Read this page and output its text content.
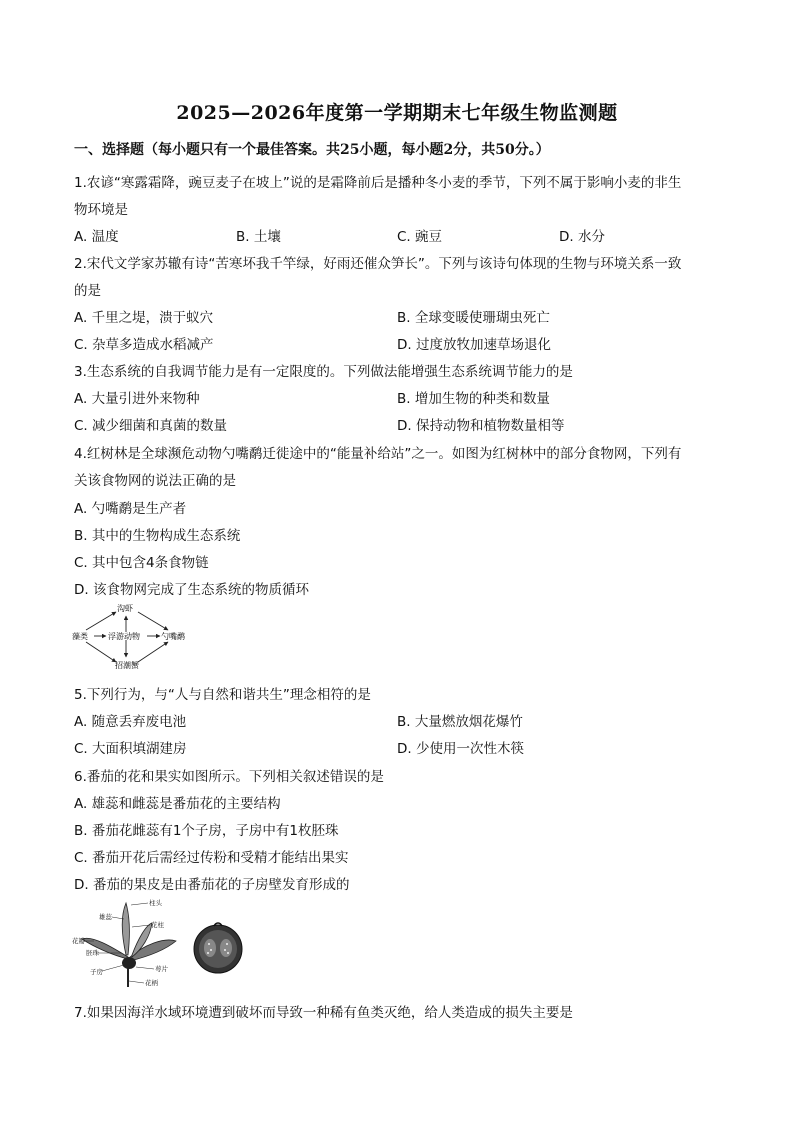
2025—2026年度第一学期期末七年级生物监测题
一、选择题（每小题只有一个最佳答案。共25小题，每小题2分，共50分。）
1.农谚“寒露霜降，豌豆麦子在坡上”说的是霜降前后是播种冬小麦的季节，下列不属于影响小麦的非生
物环境是
A. 温度	B. 土壤	C. 豌豆	D. 水分
2.宋代文学家苏辙有诗“苦寒坏我千竿绿，好雨还催众笋长”。下列与该诗句体现的生物与环境关系一致
的是
A. 千里之堤，溃于蚁穴	B. 全球变暖使珊瑚虫死亡
C. 杂草多造成水稻减产	D. 过度放牧加速草场退化
3.生态系统的自我调节能力是有一定限度的。下列做法能增强生态系统调节能力的是
A. 大量引进外来物种	B. 增加生物的种类和数量
C. 减少细菌和真菌的数量	D. 保持动物和植物数量相等
4.红树林是全球濒危动物勺嘴鹬迁徙途中的“能量补给站”之一。如图为红树林中的部分食物网，下列有
关该食物网的说法正确的是
A. 勺嘴鹬是生产者
B. 其中的生物构成生态系统
C. 其中包含4条食物链
D. 该食物网完成了生态系统的物质循环
藻类	浮游动物
沟虾
勺嘴鹬
招潮蟹
5.下列行为，与“人与自然和谐共生”理念相符的是
A. 随意丢弃废电池	B. 大量燃放烟花爆竹
C. 大面积填湖建房	D. 少使用一次性木筷
6.番茄的花和果实如图所示。下列相关叙述错误的是
A. 雄蕊和雌蕊是番茄花的主要结构
B. 番茄花雌蕊有1个子房，子房中有1枚胚珠
C. 番茄开花后需经过传粉和受精才能结出果实
D. 番茄的果皮是由番茄花的子房壁发育形成的
柱头
雄蕊
花柱
花瓣
胚珠
子房	萼片
花柄
7.如果因海洋水域环境遭到破坏而导致一种稀有鱼类灭绝，给人类造成的损失主要是
